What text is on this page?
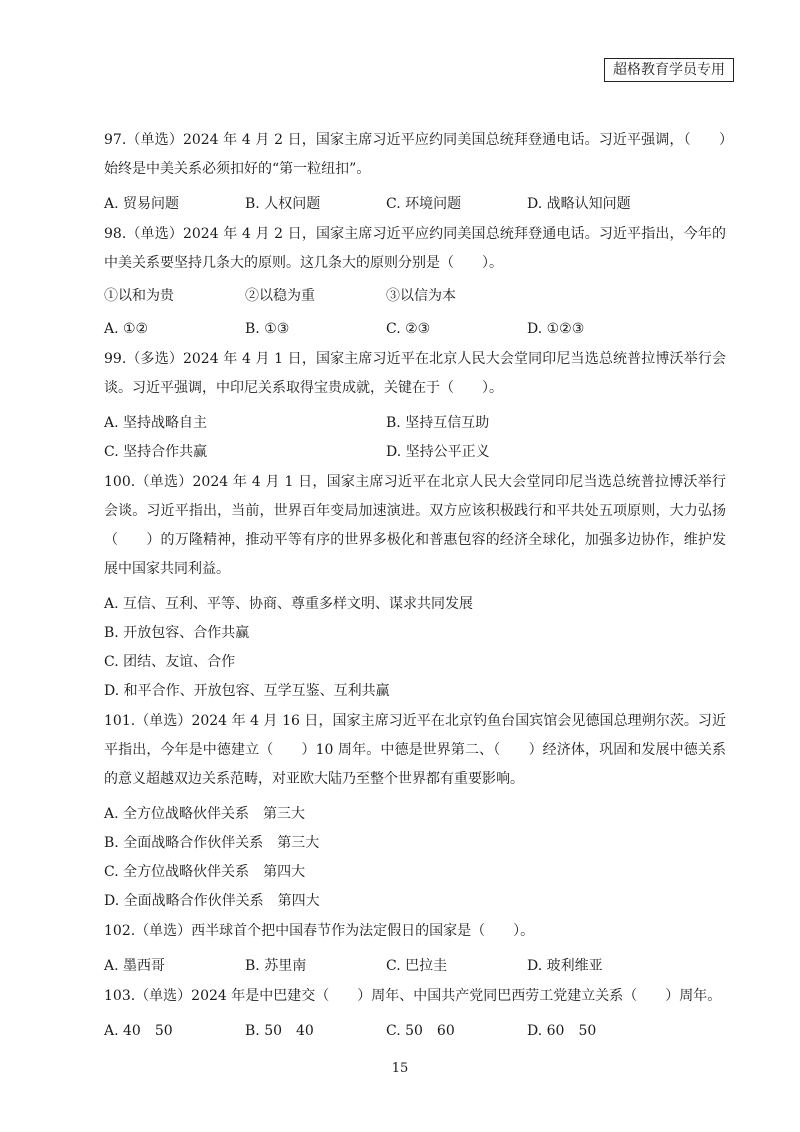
超格教育学员专用

97.（单选）2024 年 4 月 2 日，国家主席习近平应约同美国总统拜登通电话。习近平强调，（　　）始终是中美关系必须扣好的“第一粒纽扣”。

A. 贸易问题	B. 人权问题	C. 环境问题	D. 战略认知问题

98.（单选）2024 年 4 月 2 日，国家主席习近平应约同美国总统拜登通电话。习近平指出，今年的中美关系要坚持几条大的原则。这几条大的原则分别是（　　）。

①以和为贵	②以稳为重	③以信为本
A. ①②	B. ①③	C. ②③	D. ①②③

99.（多选）2024 年 4 月 1 日，国家主席习近平在北京人民大会堂同印尼当选总统普拉博沃举行会谈。习近平强调，中印尼关系取得宝贵成就，关键在于（　　）。

A. 坚持战略自主	B. 坚持互信互助
C. 坚持合作共赢	D. 坚持公平正义

100.（单选）2024 年 4 月 1 日，国家主席习近平在北京人民大会堂同印尼当选总统普拉博沃举行会谈。习近平指出，当前，世界百年变局加速演进。双方应该积极践行和平共处五项原则，大力弘扬（　　）的万隆精神，推动平等有序的世界多极化和普惠包容的经济全球化，加强多边协作，维护发展中国家共同利益。

A. 互信、互利、平等、协商、尊重多样文明、谋求共同发展
B. 开放包容、合作共赢
C. 团结、友谊、合作
D. 和平合作、开放包容、互学互鉴、互利共赢

101.（单选）2024 年 4 月 16 日，国家主席习近平在北京钓鱼台国宾馆会见德国总理朔尔茨。习近平指出，今年是中德建立（　　）10 周年。中德是世界第二、（　　）经济体，巩固和发展中德关系的意义超越双边关系范畴，对亚欧大陆乃至整个世界都有重要影响。

A. 全方位战略伙伴关系　第三大
B. 全面战略合作伙伴关系　第三大
C. 全方位战略伙伴关系　第四大
D. 全面战略合作伙伴关系　第四大

102.（单选）西半球首个把中国春节作为法定假日的国家是（　　）。

A. 墨西哥	B. 苏里南	C. 巴拉圭	D. 玻利维亚

103.（单选）2024 年是中巴建交（　　）周年、中国共产党同巴西劳工党建立关系（　　）周年。

A. 40　50	B. 50　40	C. 50　60	D. 60　50
15
